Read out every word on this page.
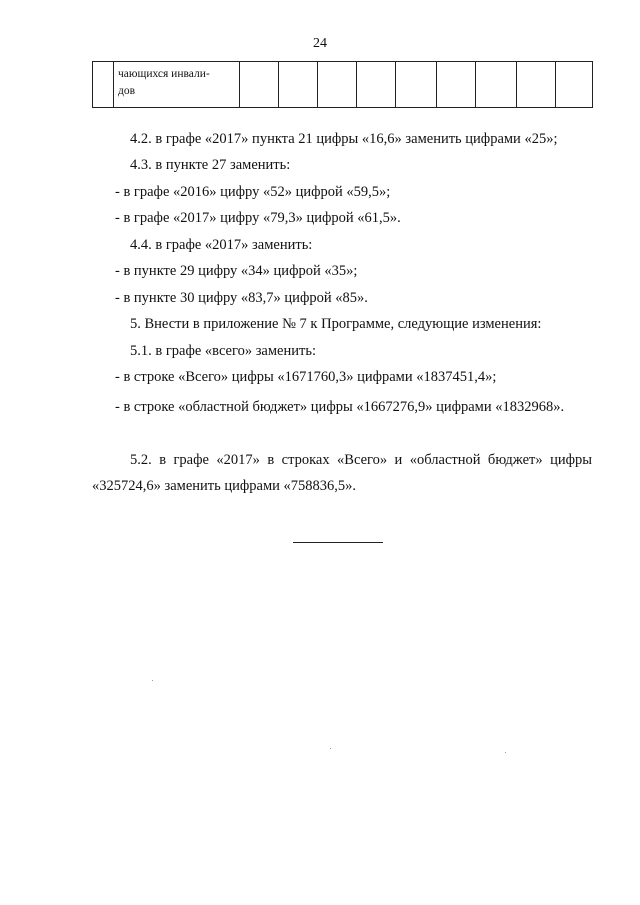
24

чающихся инвали-
дов

4.2. в графе «2017» пункта 21 цифры «16,6» заменить цифрами «25»;
4.3. в пункте 27 заменить:
- в графе «2016» цифру «52» цифрой «59,5»;
- в графе «2017» цифру «79,3» цифрой «61,5».
4.4. в графе «2017» заменить:
- в пункте 29 цифру «34» цифрой «35»;
- в пункте 30 цифру «83,7» цифрой «85».
5. Внести в приложение № 7 к Программе, следующие изменения:
5.1. в графе «всего» заменить:
- в строке «Всего» цифры «1671760,3» цифрами «1837451,4»;
- в строке «областной бюджет» цифры «1667276,9» цифрами «1832968».
5.2. в графе «2017» в строках «Всего» и «областной бюджет» цифры «325724,6» заменить цифрами «758836,5».
